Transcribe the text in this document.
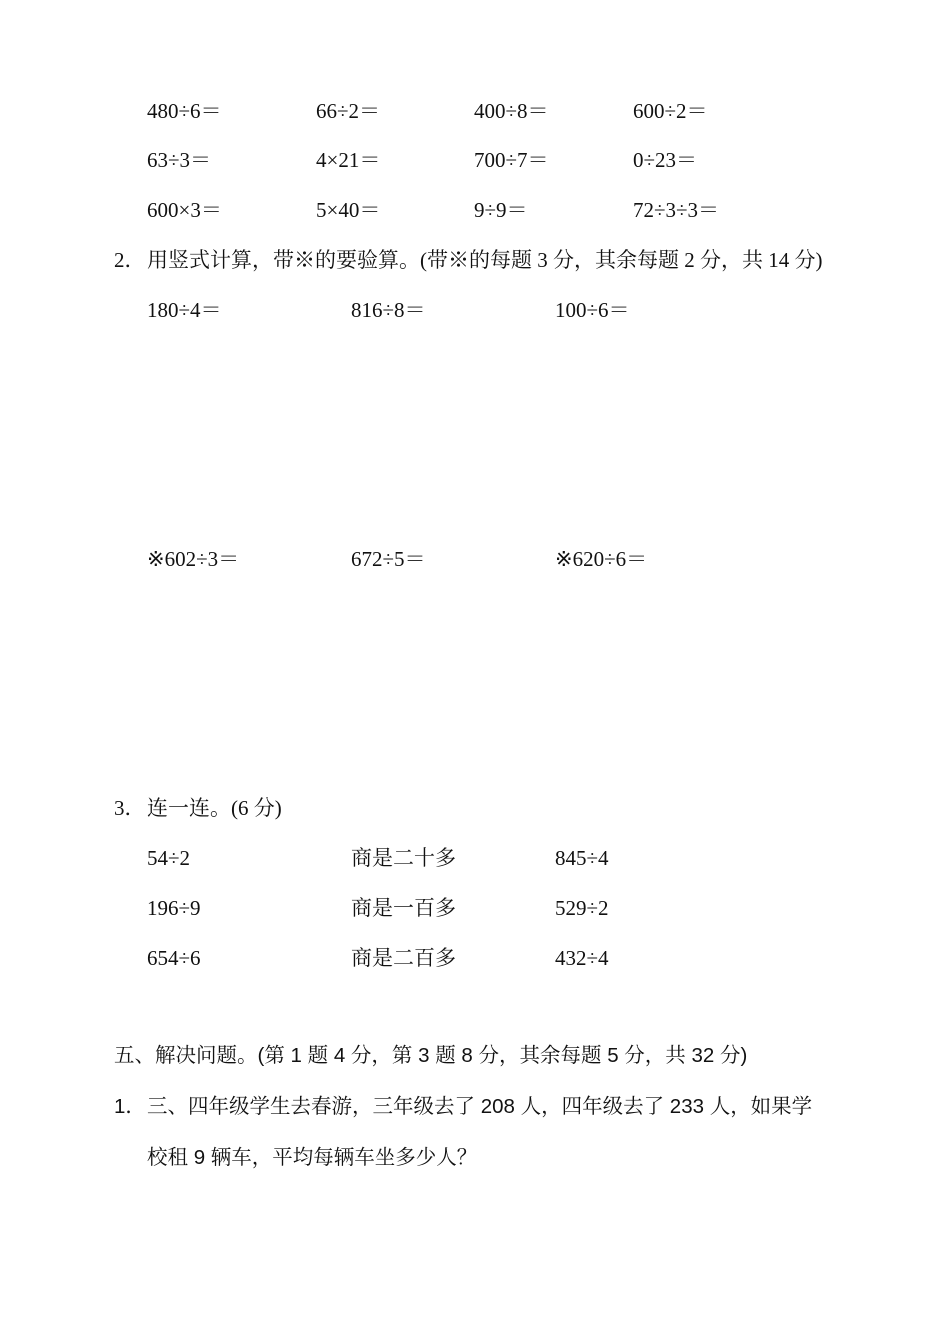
480÷6＝	66÷2＝	400÷8＝	600÷2＝
63÷3＝	4×21＝	700÷7＝	0÷23＝
600×3＝	5×40＝	9÷9＝	72÷3÷3＝
2． 用竖式计算，带※的要验算。(带※的每题 3 分，其余每题 2 分，共 14 分)
180÷4＝	816÷8＝	100÷6＝
※602÷3＝	672÷5＝	※620÷6＝
3． 连一连。(6 分)
54÷2	商是二十多	845÷4
196÷9	商是一百多	529÷2
654÷6	商是二百多	432÷4
五、解决问题。(第 1 题 4 分，第 3 题 8 分，其余每题 5 分，共 32 分)
1． 三、四年级学生去春游，三年级去了 208 人，四年级去了 233 人，如果学
校租 9 辆车，平均每辆车坐多少人？
